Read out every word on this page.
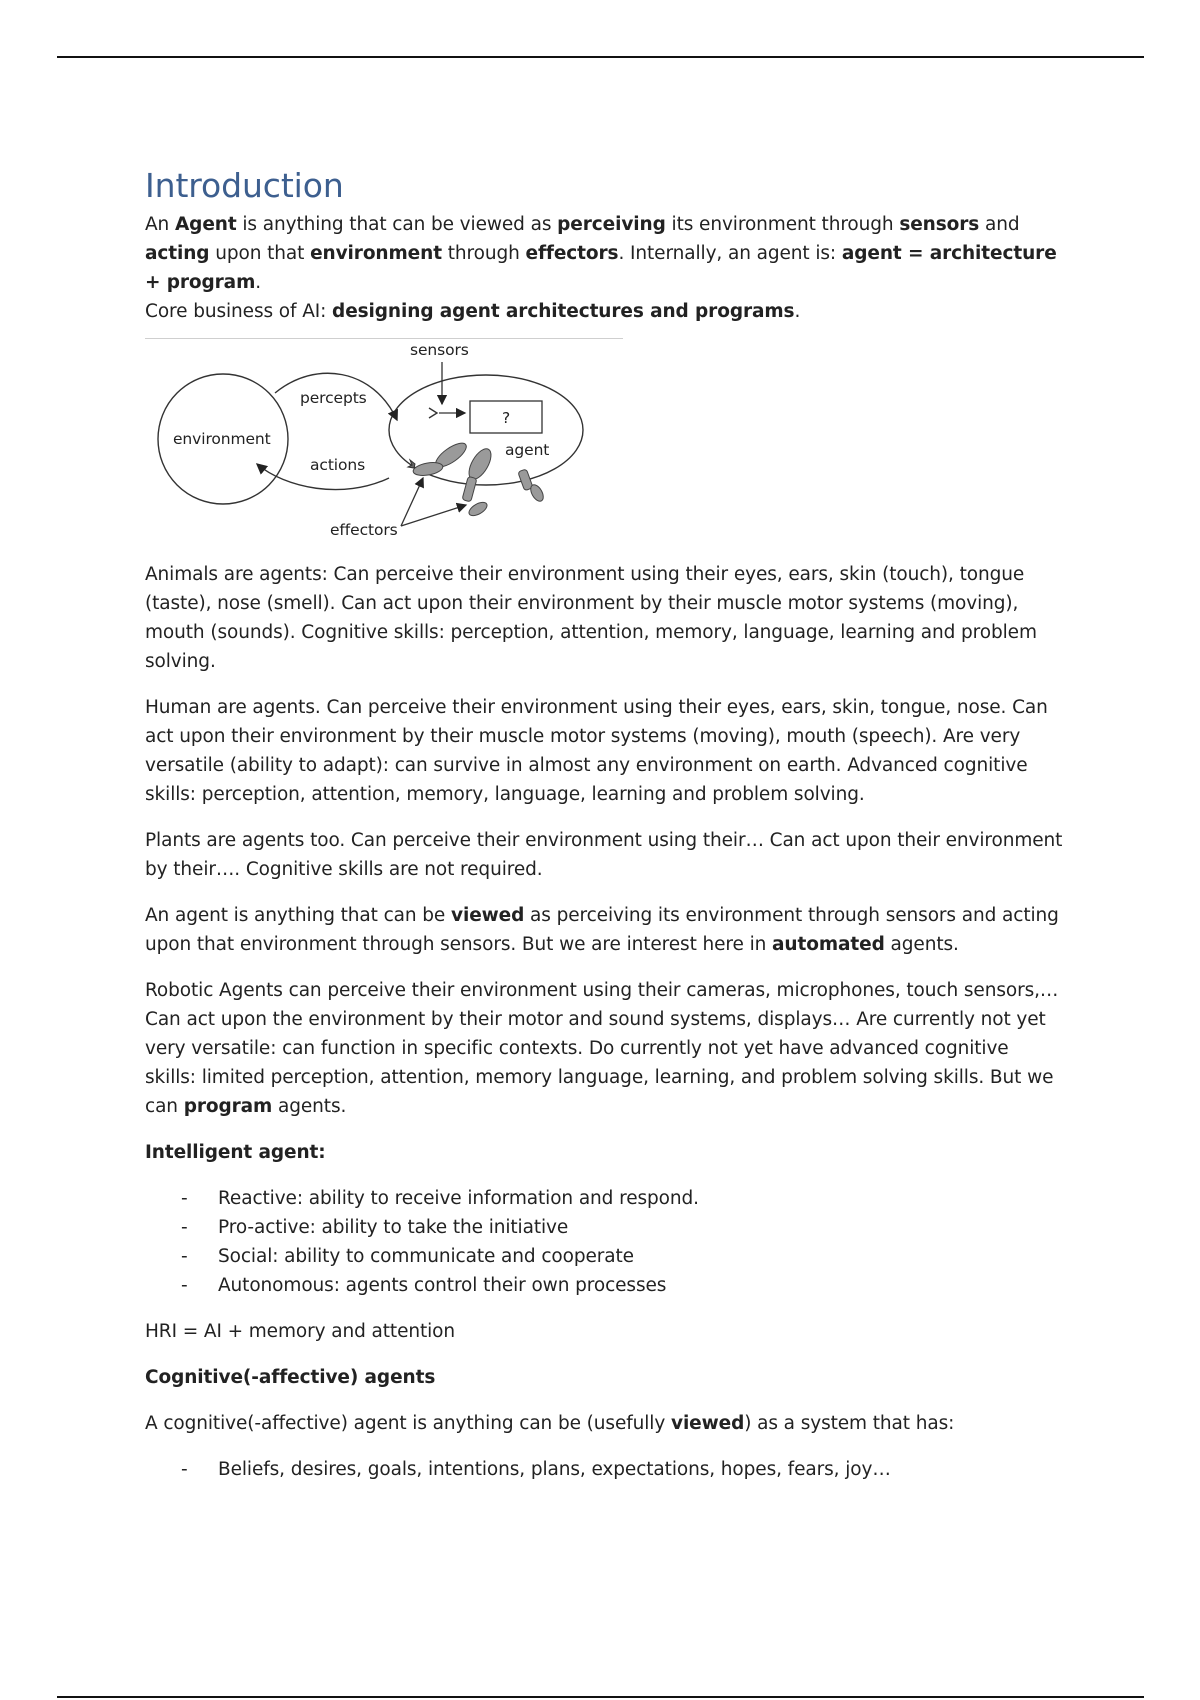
Introduction

An Agent is anything that can be viewed as perceiving its environment through sensors and acting upon that environment through effectors. Internally, an agent is: agent = architecture + program.

Core business of AI: designing agent architectures and programs.

environment
percepts
actions
sensors
?
agent
effectors

Animals are agents: Can perceive their environment using their eyes, ears, skin (touch), tongue (taste), nose (smell). Can act upon their environment by their muscle motor systems (moving), mouth (sounds). Cognitive skills: perception, attention, memory, language, learning and problem solving.

Human are agents. Can perceive their environment using their eyes, ears, skin, tongue, nose. Can act upon their environment by their muscle motor systems (moving), mouth (speech). Are very versatile (ability to adapt): can survive in almost any environment on earth. Advanced cognitive skills: perception, attention, memory, language, learning and problem solving.

Plants are agents too. Can perceive their environment using their… Can act upon their environment by their…. Cognitive skills are not required.

An agent is anything that can be viewed as perceiving its environment through sensors and acting upon that environment through sensors. But we are interest here in automated agents.

Robotic Agents can perceive their environment using their cameras, microphones, touch sensors,… Can act upon the environment by their motor and sound systems, displays… Are currently not yet very versatile: can function in specific contexts. Do currently not yet have advanced cognitive skills: limited perception, attention, memory language, learning, and problem solving skills. But we can program agents.

Intelligent agent:

- Reactive: ability to receive information and respond.
- Pro-active: ability to take the initiative
- Social: ability to communicate and cooperate
- Autonomous: agents control their own processes

HRI = AI + memory and attention

Cognitive(-affective) agents

A cognitive(-affective) agent is anything can be (usefully viewed) as a system that has:

- Beliefs, desires, goals, intentions, plans, expectations, hopes, fears, joy…
